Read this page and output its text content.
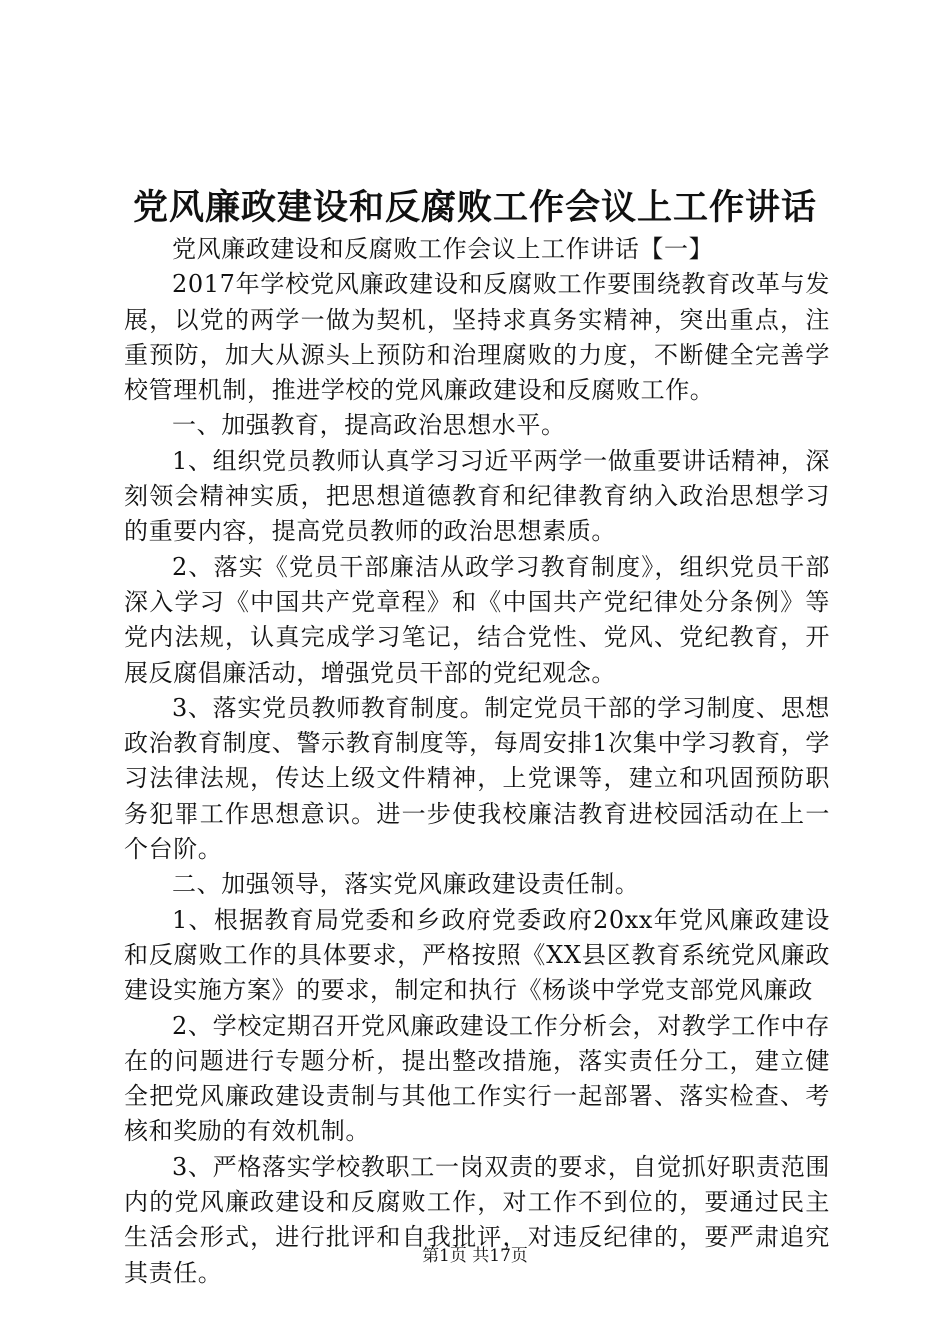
党风廉政建设和反腐败工作会议上工作讲话

党风廉政建设和反腐败工作会议上工作讲话【一】

2017年学校党风廉政建设和反腐败工作要围绕教育改革与发展，以党的两学一做为契机，坚持求真务实精神，突出重点，注重预防，加大从源头上预防和治理腐败的力度，不断健全完善学校管理机制，推进学校的党风廉政建设和反腐败工作。

一、加强教育，提高政治思想水平。

1、组织党员教师认真学习习近平两学一做重要讲话精神，深刻领会精神实质，把思想道德教育和纪律教育纳入政治思想学习的重要内容，提高党员教师的政治思想素质。

2、落实《党员干部廉洁从政学习教育制度》，组织党员干部深入学习《中国共产党章程》和《中国共产党纪律处分条例》等党内法规，认真完成学习笔记，结合党性、党风、党纪教育，开展反腐倡廉活动，增强党员干部的党纪观念。

3、落实党员教师教育制度。制定党员干部的学习制度、思想政治教育制度、警示教育制度等，每周安排1次集中学习教育，学习法律法规，传达上级文件精神，上党课等，建立和巩固预防职务犯罪工作思想意识。进一步使我校廉洁教育进校园活动在上一个台阶。

二、加强领导，落实党风廉政建设责任制。

1、根据教育局党委和乡政府党委政府20xx年党风廉政建设和反腐败工作的具体要求，严格按照《XX县区教育系统党风廉政建设实施方案》的要求，制定和执行《杨谈中学党支部党风廉政

2、学校定期召开党风廉政建设工作分析会，对教学工作中存在的问题进行专题分析，提出整改措施，落实责任分工，建立健全把党风廉政建设责制与其他工作实行一起部署、落实检查、考核和奖励的有效机制。

3、严格落实学校教职工一岗双责的要求，自觉抓好职责范围内的党风廉政建设和反腐败工作，对工作不到位的，要通过民主生活会形式，进行批评和自我批评，对违反纪律的，要严肃追究其责任。

第1页 共17页
